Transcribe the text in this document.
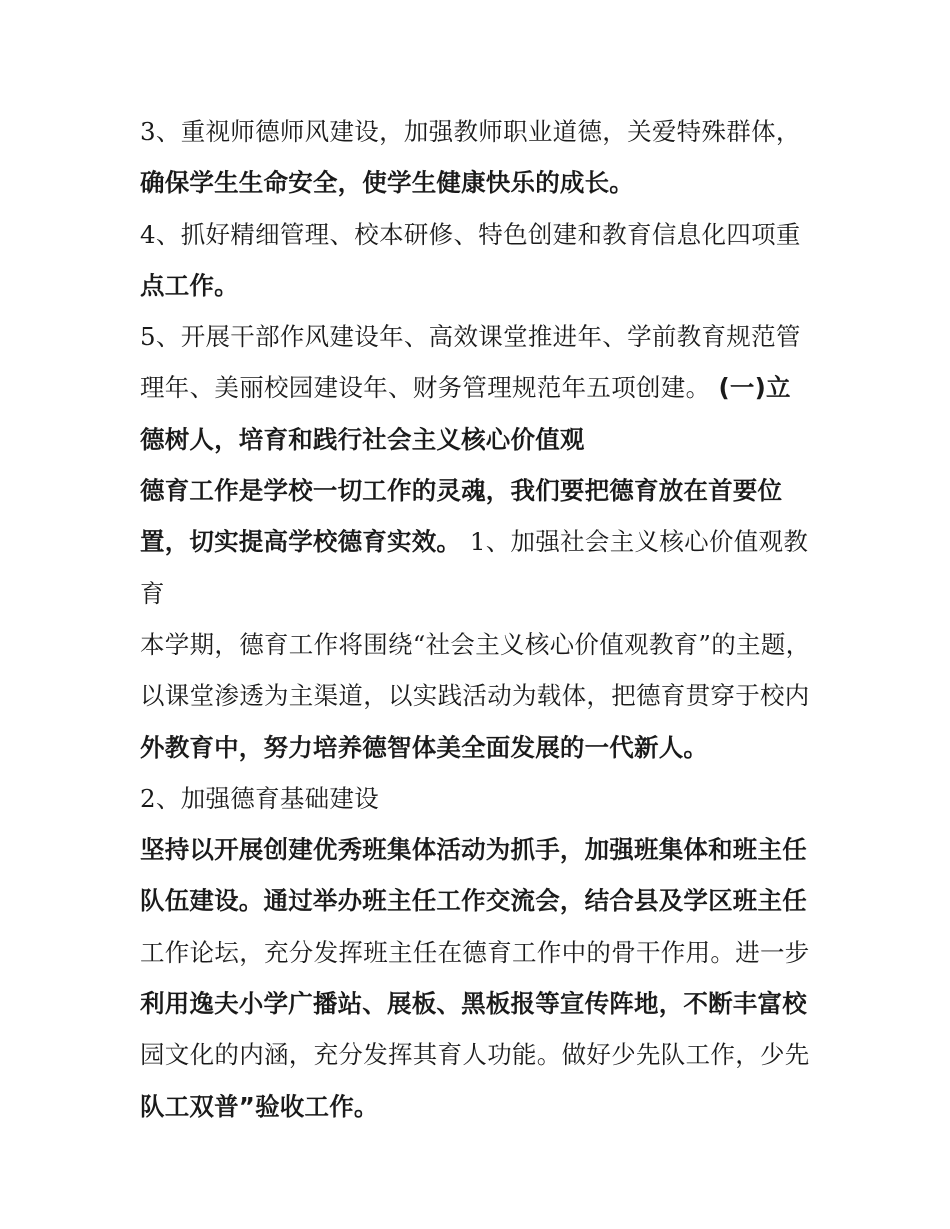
3、重视师德师风建设，加强教师职业道德，关爱特殊群体，
确保学生生命安全，使学生健康快乐的成长。
4、抓好精细管理、校本研修、特色创建和教育信息化四项重
点工作。
5、开展干部作风建设年、高效课堂推进年、学前教育规范管
理年、美丽校园建设年、财务管理规范年五项创建。 (一)立
德树人，培育和践行社会主义核心价值观
德育工作是学校一切工作的灵魂，我们要把德育放在首要位
置，切实提高学校德育实效。 1、加强社会主义核心价值观教
育
本学期，德育工作将围绕“社会主义核心价值观教育”的主题，
以课堂渗透为主渠道，以实践活动为载体，把德育贯穿于校内
外教育中，努力培养德智体美全面发展的一代新人。
2、加强德育基础建设
坚持以开展创建优秀班集体活动为抓手，加强班集体和班主任
队伍建设。通过举办班主任工作交流会，结合县及学区班主任
工作论坛，充分发挥班主任在德育工作中的骨干作用。进一步
利用逸夫小学广播站、展板、黑板报等宣传阵地，不断丰富校
园文化的内涵，充分发挥其育人功能。做好少先队工作，少先
队工双普”验收工作。
